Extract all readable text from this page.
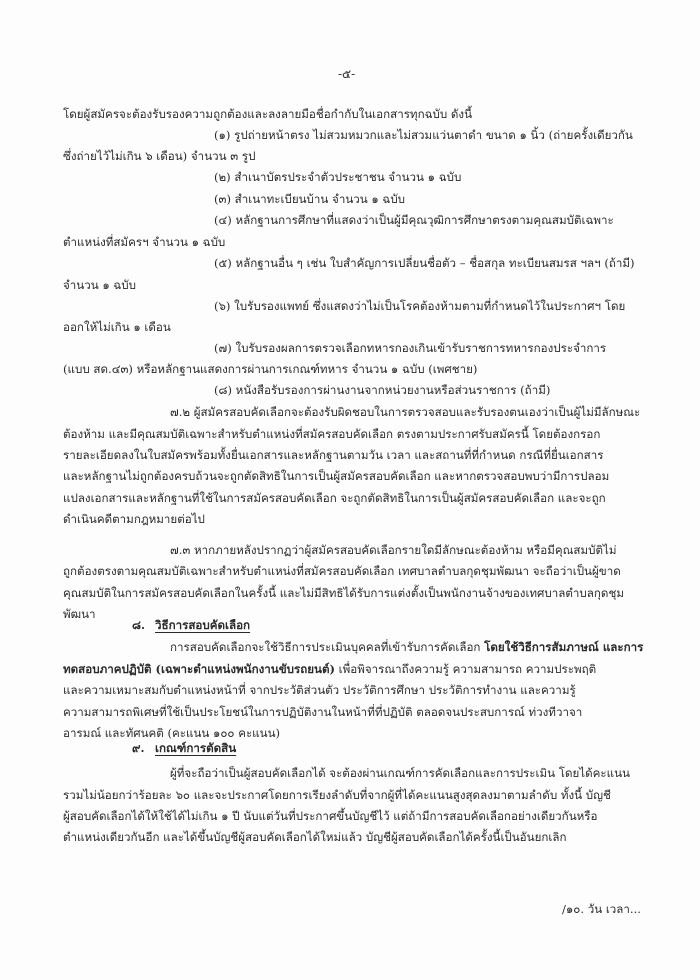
-๕-
โดยผู้สมัครจะต้องรับรองความถูกต้องและลงลายมือชื่อกำกับในเอกสารทุกฉบับ ดังนี้
(๑) รูปถ่ายหน้าตรง ไม่สวมหมวกและไม่สวมแว่นตาดำ ขนาด ๑ นิ้ว (ถ่ายครั้งเดียวกัน
ซึ่งถ่ายไว้ไม่เกิน ๖ เดือน) จำนวน ๓ รูป
(๒) สำเนาบัตรประจำตัวประชาชน จำนวน ๑ ฉบับ
(๓) สำเนาทะเบียนบ้าน จำนวน ๑ ฉบับ
(๔) หลักฐานการศึกษาที่แสดงว่าเป็นผู้มีคุณวุฒิการศึกษาตรงตามคุณสมบัติเฉพาะ
ตำแหน่งที่สมัครฯ จำนวน ๑ ฉบับ
(๕) หลักฐานอื่น ๆ เช่น ใบสำคัญการเปลี่ยนชื่อตัว – ชื่อสกุล ทะเบียนสมรส ฯลฯ (ถ้ามี)
จำนวน ๑ ฉบับ
(๖) ใบรับรองแพทย์ ซึ่งแสดงว่าไม่เป็นโรคต้องห้ามตามที่กำหนดไว้ในประกาศฯ โดย
ออกให้ไม่เกิน ๑ เดือน
(๗) ใบรับรองผลการตรวจเลือกทหารกองเกินเข้ารับราชการทหารกองประจำการ
(แบบ สด.๔๓) หรือหลักฐานแสดงการผ่านการเกณฑ์ทหาร จำนวน ๑ ฉบับ (เพศชาย)
(๘) หนังสือรับรองการผ่านงานจากหน่วยงานหรือส่วนราชการ (ถ้ามี)
๗.๒ ผู้สมัครสอบคัดเลือกจะต้องรับผิดชอบในการตรวจสอบและรับรองตนเองว่าเป็นผู้ไม่มีลักษณะ
ต้องห้าม และมีคุณสมบัติเฉพาะสำหรับตำแหน่งที่สมัครสอบคัดเลือก ตรงตามประกาศรับสมัครนี้ โดยต้องกรอก
รายละเอียดลงในใบสมัครพร้อมทั้งยื่นเอกสารและหลักฐานตามวัน เวลา และสถานที่ที่กำหนด กรณีที่ยื่นเอกสาร
และหลักฐานไม่ถูกต้องครบถ้วนจะถูกตัดสิทธิในการเป็นผู้สมัครสอบคัดเลือก และหากตรวจสอบพบว่ามีการปลอม
แปลงเอกสารและหลักฐานที่ใช้ในการสมัครสอบคัดเลือก จะถูกตัดสิทธิในการเป็นผู้สมัครสอบคัดเลือก และจะถูก
ดำเนินคดีตามกฎหมายต่อไป
๗.๓ หากภายหลังปรากฏว่าผู้สมัครสอบคัดเลือกรายใดมีลักษณะต้องห้าม หรือมีคุณสมบัติไม่
ถูกต้องตรงตามคุณสมบัติเฉพาะสำหรับตำแหน่งที่สมัครสอบคัดเลือก เทศบาลตำบลกุดชุมพัฒนา จะถือว่าเป็นผู้ขาด
คุณสมบัติในการสมัครสอบคัดเลือกในครั้งนี้ และไม่มีสิทธิได้รับการแต่งตั้งเป็นพนักงานจ้างของเทศบาลตำบลกุดชุม
พัฒนา
๘. วิธีการสอบคัดเลือก
การสอบคัดเลือกจะใช้วิธีการประเมินบุคคลที่เข้ารับการคัดเลือก โดยใช้วิธีการสัมภาษณ์ และการ
ทดสอบภาคปฏิบัติ (เฉพาะตำแหน่งพนักงานขับรถยนต์) เพื่อพิจารณาถึงความรู้ ความสามารถ ความประพฤติ
และความเหมาะสมกับตำแหน่งหน้าที่ จากประวัติส่วนตัว ประวัติการศึกษา ประวัติการทำงาน และความรู้
ความสามารถพิเศษที่ใช้เป็นประโยชน์ในการปฏิบัติงานในหน้าที่ที่ปฏิบัติ ตลอดจนประสบการณ์ ท่วงทีวาจา
อารมณ์ และทัศนคติ (คะแนน ๑๐๐ คะแนน)
๙. เกณฑ์การตัดสิน
ผู้ที่จะถือว่าเป็นผู้สอบคัดเลือกได้ จะต้องผ่านเกณฑ์การคัดเลือกและการประเมิน โดยได้คะแนน
รวมไม่น้อยกว่าร้อยละ ๖๐ และจะประกาศโดยการเรียงลำดับที่จากผู้ที่ได้คะแนนสูงสุดลงมาตามลำดับ ทั้งนี้ บัญชี
ผู้สอบคัดเลือกได้ให้ใช้ได้ไม่เกิน ๑ ปี นับแต่วันที่ประกาศขึ้นบัญชีไว้ แต่ถ้ามีการสอบคัดเลือกอย่างเดียวกันหรือ
ตำแหน่งเดียวกันอีก และได้ขึ้นบัญชีผู้สอบคัดเลือกได้ใหม่แล้ว บัญชีผู้สอบคัดเลือกได้ครั้งนี้เป็นอันยกเลิก
/๑๐. วัน เวลา...
